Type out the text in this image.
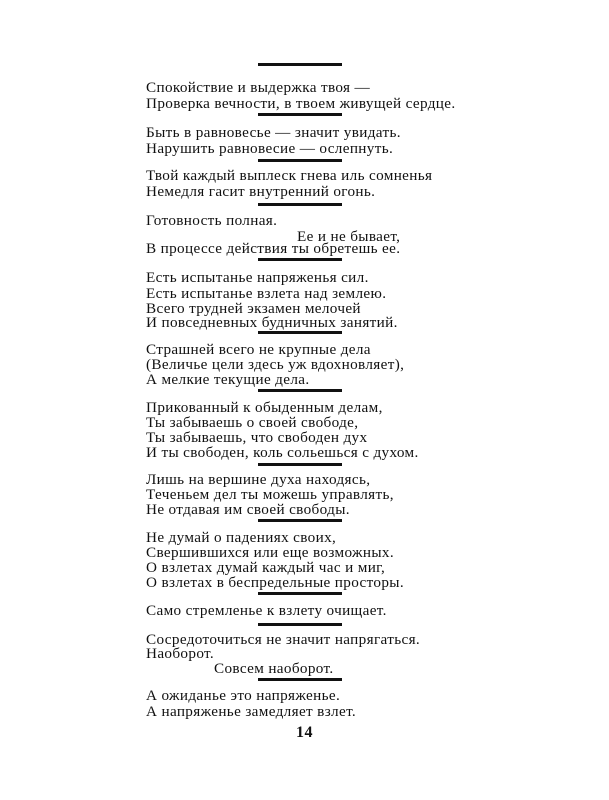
Спокойствие и выдержка твоя —
Проверка вечности, в твоем живущей сердце.
Быть в равновесье — значит увидать.
Нарушить равновесие — ослепнуть.
Твой каждый выплеск гнева иль сомненья
Немедля гасит внутренний огонь.
Готовность полная.
Ее и не бывает,
В процессе действия ты обретешь ее.
Есть испытанье напряженья сил.
Есть испытанье взлета над землею.
Всего трудней экзамен мелочей
И повседневных будничных занятий.
Страшней всего не крупные дела
(Величье цели здесь уж вдохновляет),
А мелкие текущие дела.
Прикованный к обыденным делам,
Ты забываешь о своей свободе,
Ты забываешь, что свободен дух
И ты свободен, коль сольешься с духом.
Лишь на вершине духа находясь,
Теченьем дел ты можешь управлять,
Не отдавая им своей свободы.
Не думай о падениях своих,
Свершившихся или еще возможных.
О взлетах думай каждый час и миг,
О взлетах в беспредельные просторы.
Само стремленье к взлету очищает.
Сосредоточиться не значит напрягаться.
Наоборот.
Совсем наоборот.
А ожиданье это напряженье.
А напряженье замедляет взлет.
14
